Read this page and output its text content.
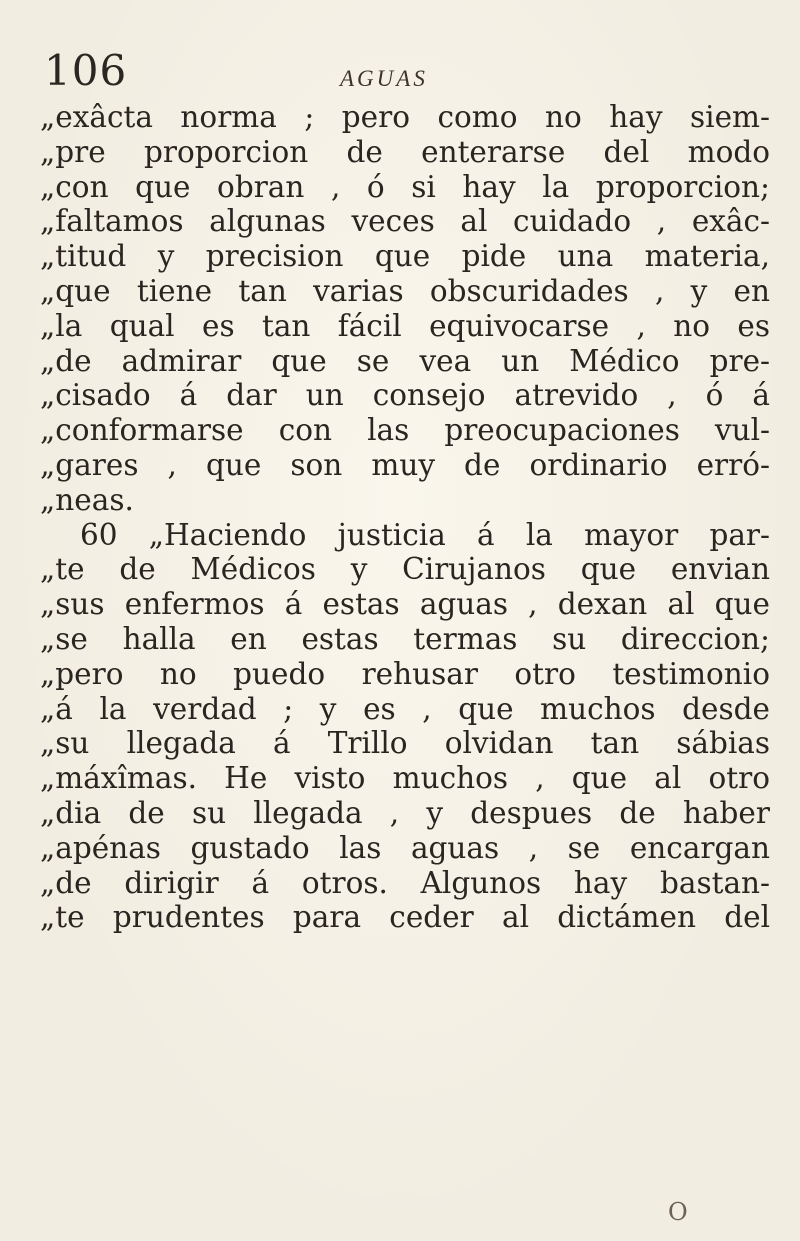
106	AGUAS
„exâcta norma ; pero como no hay siem-
„pre proporcion de enterarse del modo
„con que obran , ó si hay la proporcion;
„faltamos algunas veces al cuidado , exâc-
„titud y precision que pide una materia,
„que tiene tan varias obscuridades , y en
„la qual es tan fácil equivocarse , no es
„de admirar que se vea un Médico pre-
„cisado á dar un consejo atrevido , ó á
„conformarse con las preocupaciones vul-
„gares , que son muy de ordinario erró-
„neas.
60 „Haciendo justicia á la mayor par-
„te de Médicos y Cirujanos que envian
„sus enfermos á estas aguas , dexan al que
„se halla en estas termas su direccion;
„pero no puedo rehusar otro testimonio
„á la verdad ; y es , que muchos desde
„su llegada á Trillo olvidan tan sábias
„máxîmas. He visto muchos , que al otro
„dia de su llegada , y despues de haber
„apénas gustado las aguas , se encargan
„de dirigir á otros. Algunos hay bastan-
„te prudentes para ceder al dictámen del
O
